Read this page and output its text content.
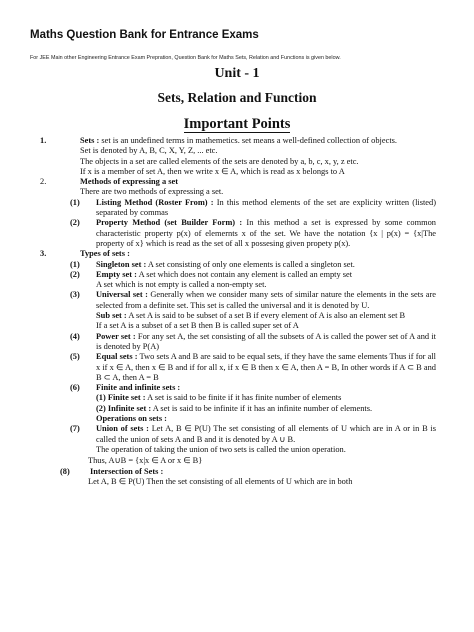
Maths Question Bank for Entrance Exams
For JEE Main other Engineering Entrance Exam Prepration, Question Bank for Maths Sets, Relation and Functions is given below.
Unit - 1
Sets, Relation and Function
Important Points
1.	Sets : set is an undefined terms in mathemetics. set means a well-defined collection of objects.
Set is denoted by A, B, C, X, Y, Z, ... etc.
The objects in a set are called elements of the sets are denoted by a, b, c, x, y, z etc.
If x is a member of set A, then we write x ∈ A, which is read as x belongs to A
2.	Methods of expressing a set
There are two methods of expressing a set.
(1)	Listing Method (Roster From) : In this method elements of the set are explicity written (listed) separated by commas
(2)	Property Method (set Builder Form) : In this method a set is expressed by some common characteristic property p(x) of elemernts x of the set. We have the notation {x | p(x) = {x|The property of x} which is read as the set of all x possesing given propety p(x).
3.	Types of sets :
(1)	Singleton set : A set consisting of only one elements is called a singleton set.
(2)	Empty set : A set which does not contain any element is called an empty set
A set which is not empty is called a non-empty set.
(3)	Universal set : Generally when we consider many sets of similar nature the elements in the sets are selected from a definite set. This set is called the universal and it is denoted by U.
Sub set : A set A is said to be subset of a set B if every element of A is also an element set B
If a set A is a subset of a set B then B is called super set of A
(4)	Power set : For any set A, the set consisting of all the subsets of A is called the power set of A and it is denoted by P(A)
(5)	Equal sets : Two sets A and B are said to be equal sets, if they have the same elements Thus if for all x if x ∈ A, then x ∈ B and if for all x, if x ∈ B then x ∈ A, then A = B, In other words if A ⊂ B and B ⊂ A, then A = B
(6)	Finite and infinite sets :
(1) Finite set : A set is said to be finite if it has finite number of elements
(2) Infinite set : A set is said to be infinite if it has an infinite number of elements.
Operations on sets :
(7)	Union of sets : Let A, B ∈ P(U) The set consisting of all elements of U which are in A or in B is called the union of sets A and B and it is denoted by A ∪ B.
The operation of taking the union of two sets is called the union operation.
Thus, A∪B = {x|x ∈ A or x ∈ B}
(8)	Intersection of Sets :
Let A, B ∈ P(U) Then the set consisting of all elements of U which are in both
